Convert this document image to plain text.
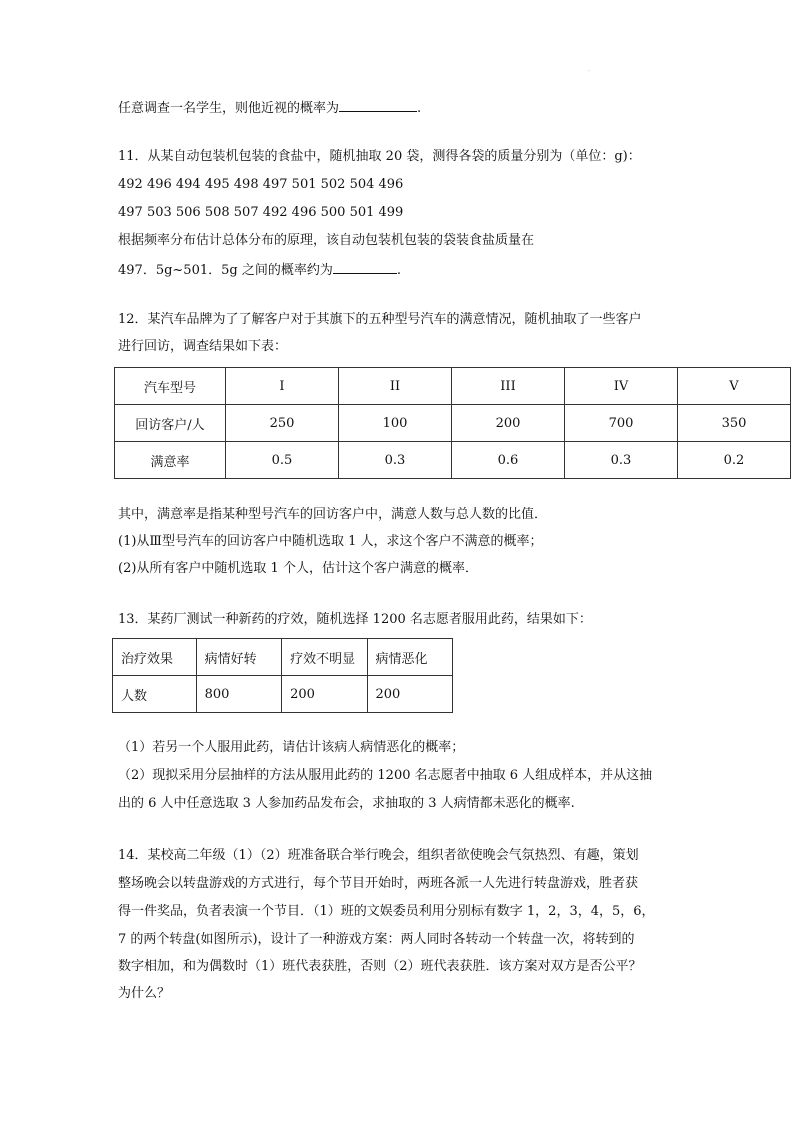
·
任意调查一名学生，则他近视的概率为	.
11．从某自动包装机包装的食盐中，随机抽取 20 袋，测得各袋的质量分别为（单位：g)：
492 496 494 495 498 497 501 502 504 496
497 503 506 508 507 492 496 500 501 499
根据频率分布估计总体分布的原理，该自动包装机包装的袋装食盐质量在
497．5g~501．5g 之间的概率约为	.
12．某汽车品牌为了了解客户对于其旗下的五种型号汽车的满意情况，随机抽取了一些客户
进行回访，调查结果如下表：
汽车型号	I	II	III	IV	V
回访客户/人	250	100	200	700	350
满意率	0.5	0.3	0.6	0.3	0.2
其中，满意率是指某种型号汽车的回访客户中，满意人数与总人数的比值．
(1)从Ⅲ型号汽车的回访客户中随机选取 1 人，求这个客户不满意的概率；
(2)从所有客户中随机选取 1 个人，估计这个客户满意的概率．
13．某药厂测试一种新药的疗效，随机选择 1200 名志愿者服用此药，结果如下：
治疗效果	病情好转	疗效不明显	病情恶化
人数	800	200	200
（1）若另一个人服用此药，请估计该病人病情恶化的概率；
（2）现拟采用分层抽样的方法从服用此药的 1200 名志愿者中抽取 6 人组成样本，并从这抽
出的 6 人中任意选取 3 人参加药品发布会，求抽取的 3 人病情都未恶化的概率.
14．某校高二年级（1）（2）班准备联合举行晚会，组织者欲使晚会气氛热烈、有趣，策划
整场晚会以转盘游戏的方式进行，每个节目开始时，两班各派一人先进行转盘游戏，胜者获
得一件奖品，负者表演一个节目．（1）班的文娱委员利用分别标有数字 1，2，3，4，5，6，
7 的两个转盘(如图所示)，设计了一种游戏方案：两人同时各转动一个转盘一次，将转到的
数字相加，和为偶数时（1）班代表获胜，否则（2）班代表获胜．该方案对双方是否公平？
为什么？
